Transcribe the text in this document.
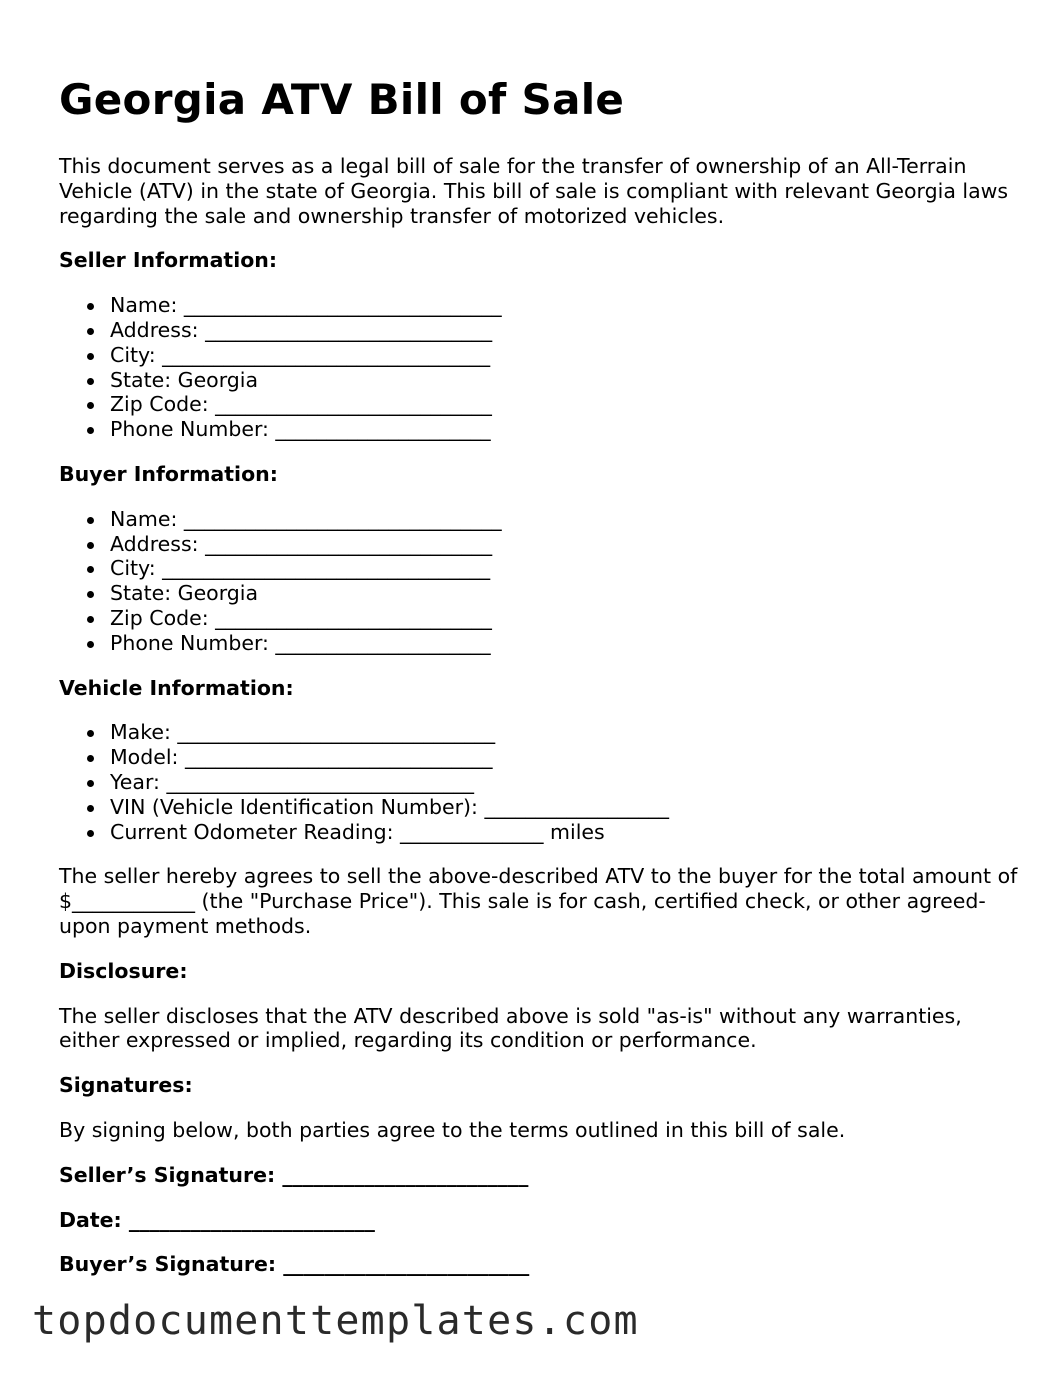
Georgia ATV Bill of Sale

This document serves as a legal bill of sale for the transfer of ownership of an All-Terrain Vehicle (ATV) in the state of Georgia. This bill of sale is compliant with relevant Georgia laws regarding the sale and ownership transfer of motorized vehicles.

Seller Information:
Name: _______________________________
Address: ____________________________
City: ________________________________
State: Georgia
Zip Code: ___________________________
Phone Number: _____________________
Buyer Information:
Name: _______________________________
Address: ____________________________
City: ________________________________
State: Georgia
Zip Code: ___________________________
Phone Number: _____________________
Vehicle Information:
Make: _______________________________
Model: ______________________________
Year: ______________________________
VIN (Vehicle Identification Number): __________________
Current Odometer Reading: ______________ miles

The seller hereby agrees to sell the above-described ATV to the buyer for the total amount of $____________ (the "Purchase Price"). This sale is for cash, certified check, or other agreed-upon payment methods.

Disclosure:

The seller discloses that the ATV described above is sold "as-is" without any warranties, either expressed or implied, regarding its condition or performance.

Signatures:

By signing below, both parties agree to the terms outlined in this bill of sale.

Seller’s Signature: ________________________
Date: ________________________
Buyer’s Signature: ________________________
topdocumenttemplates.com
